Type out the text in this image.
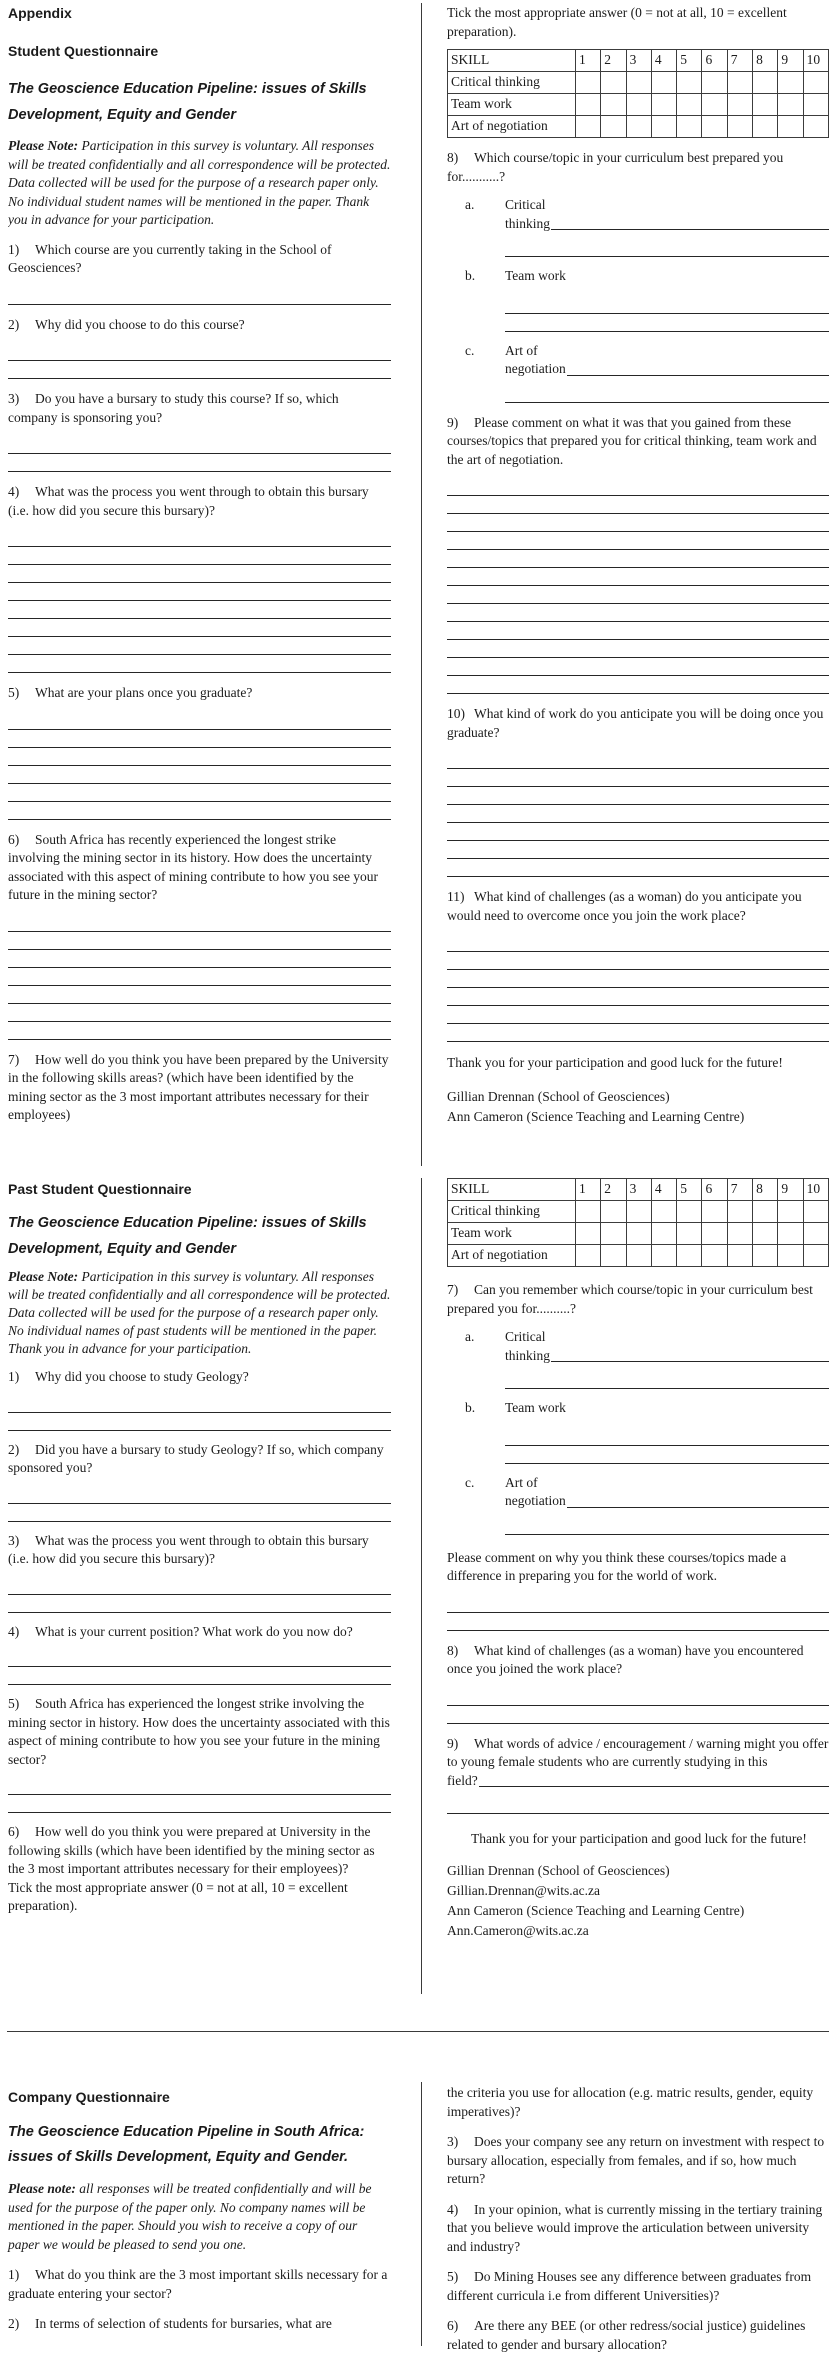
Appendix
Student Questionnaire
The Geoscience Education Pipeline: issues of Skills Development, Equity and Gender
Please Note: Participation in this survey is voluntary. All responses will be treated confidentially and all correspondence will be protected. Data collected will be used for the purpose of a research paper only. No individual student names will be mentioned in the paper. Thank you in advance for your participation.
1) Which course are you currently taking in the School of Geosciences?
2) Why did you choose to do this course?
3) Do you have a bursary to study this course? If so, which company is sponsoring you?
4) What was the process you went through to obtain this bursary (i.e. how did you secure this bursary)?
5) What are your plans once you graduate?
6) South Africa has recently experienced the longest strike involving the mining sector in its history. How does the uncertainty associated with this aspect of mining contribute to how you see your future in the mining sector?
7) How well do you think you have been prepared by the University in the following skills areas? (which have been identified by the mining sector as the 3 most important attributes necessary for their employees)
Tick the most appropriate answer (0 = not at all, 10 = excellent preparation).
SKILL	1	2	3	4	5	6	7	8	9	10
Critical thinking										
Team work										
Art of negotiation										
8) Which course/topic in your curriculum best prepared you for...........?
a.	Critical
thinking
b.	Team work
c.	Art of
negotiation
9) Please comment on what it was that you gained from these courses/topics that prepared you for critical thinking, team work and the art of negotiation.
10) What kind of work do you anticipate you will be doing once you graduate?
11) What kind of challenges (as a woman) do you anticipate you would need to overcome once you join the work place?
Thank you for your participation and good luck for the future!
Gillian Drennan (School of Geosciences)
Ann Cameron (Science Teaching and Learning Centre)
Past Student Questionnaire
The Geoscience Education Pipeline: issues of Skills Development, Equity and Gender
Please Note: Participation in this survey is voluntary. All responses will be treated confidentially and all correspondence will be protected. Data collected will be used for the purpose of a research paper only. No individual names of past students will be mentioned in the paper. Thank you in advance for your participation.
1) Why did you choose to study Geology?
2) Did you have a bursary to study Geology? If so, which company sponsored you?
3) What was the process you went through to obtain this bursary (i.e. how did you secure this bursary)?
4) What is your current position? What work do you now do?
5) South Africa has experienced the longest strike involving the mining sector in history. How does the uncertainty associated with this aspect of mining contribute to how you see your future in the mining sector?
6) How well do you think you were prepared at University in the following skills (which have been identified by the mining sector as the 3 most important attributes necessary for their employees)?
Tick the most appropriate answer (0 = not at all, 10 = excellent preparation).
SKILL	1	2	3	4	5	6	7	8	9	10
Critical thinking										
Team work										
Art of negotiation										
7) Can you remember which course/topic in your curriculum best prepared you for..........?
a.	Critical
thinking
b.	Team work
c.	Art of
negotiation
Please comment on why you think these courses/topics made a difference in preparing you for the world of work.
8) What kind of challenges (as a woman) have you encountered once you joined the work place?
9) What words of advice / encouragement / warning might you offer to young female students who are currently studying in this
field?
Thank you for your participation and good luck for the future!
Gillian Drennan (School of Geosciences)
Gillian.Drennan@wits.ac.za
Ann Cameron (Science Teaching and Learning Centre)
Ann.Cameron@wits.ac.za
Company Questionnaire
The Geoscience Education Pipeline in South Africa: issues of Skills Development, Equity and Gender.
Please note: all responses will be treated confidentially and will be used for the purpose of the paper only. No company names will be mentioned in the paper. Should you wish to receive a copy of our paper we would be pleased to send you one.
1) What do you think are the 3 most important skills necessary for a graduate entering your sector?
2) In terms of selection of students for bursaries, what are
the criteria you use for allocation (e.g. matric results, gender, equity imperatives)?
3) Does your company see any return on investment with respect to bursary allocation, especially from females, and if so, how much return?
4) In your opinion, what is currently missing in the tertiary training that you believe would improve the articulation between university and industry?
5) Do Mining Houses see any difference between graduates from different curricula i.e from different Universities)?
6) Are there any BEE (or other redress/social justice) guidelines related to gender and bursary allocation?
